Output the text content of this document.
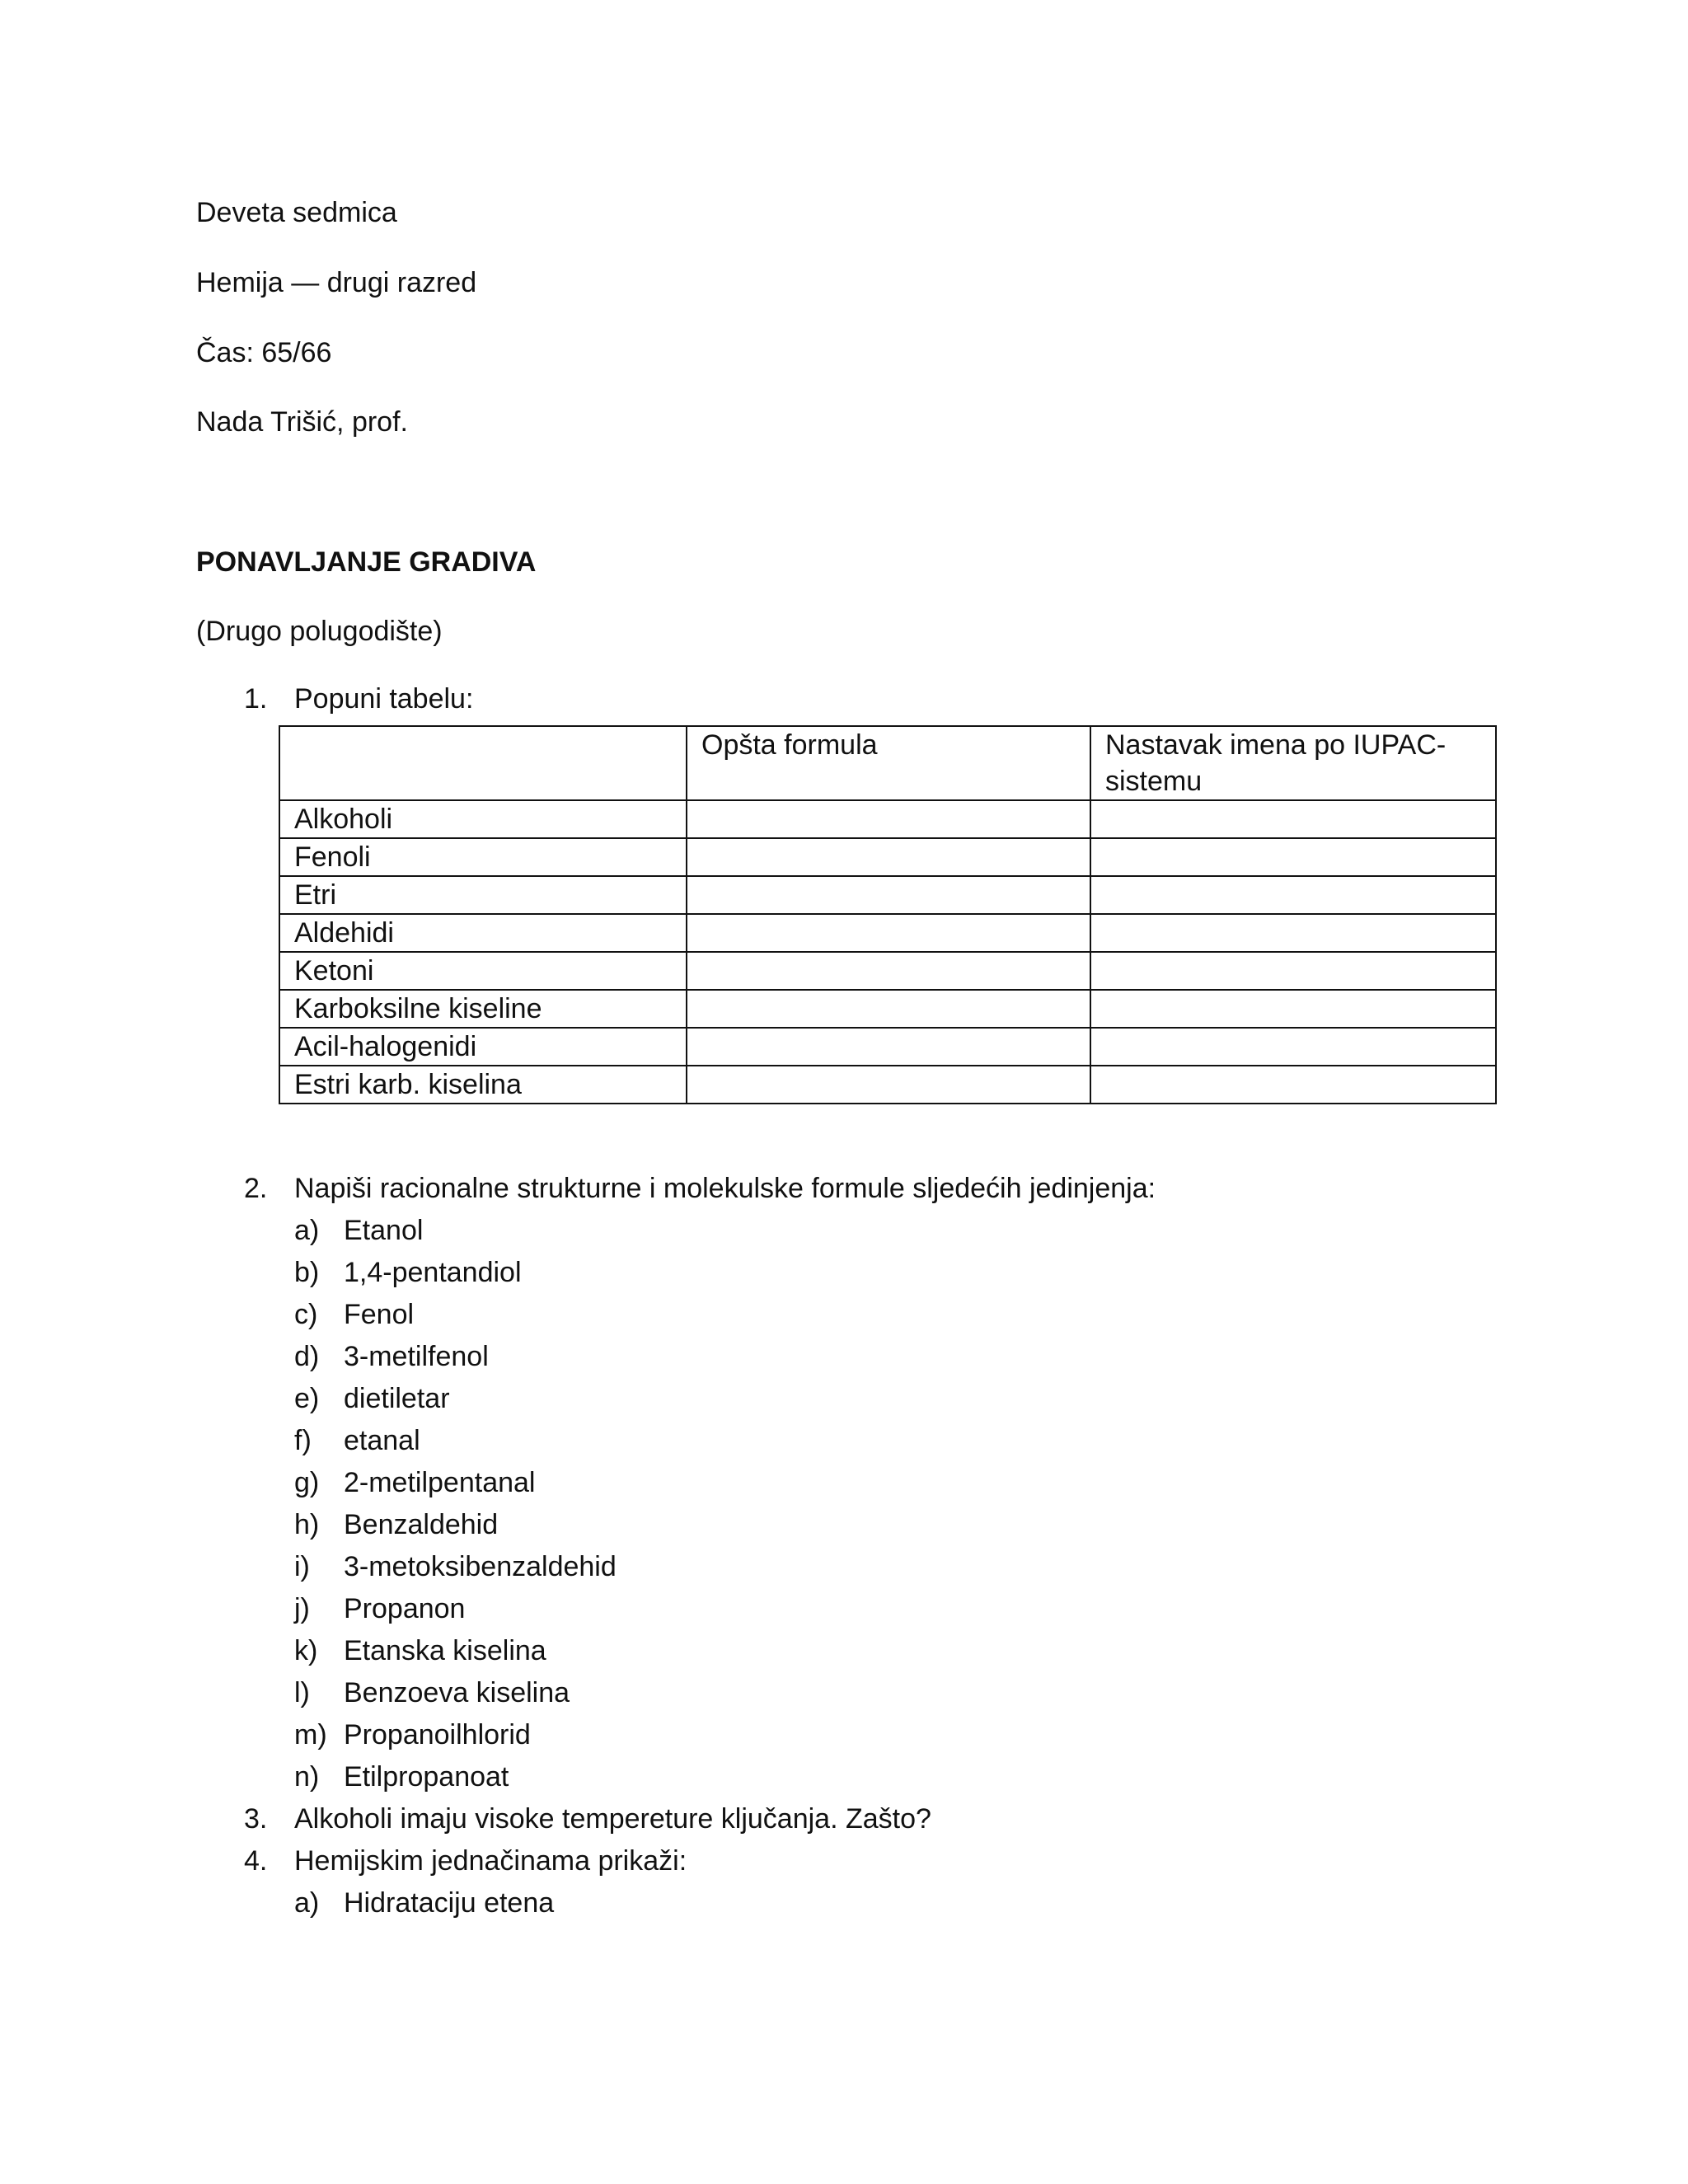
Deveta sedmica

Hemija — drugi razred

Čas: 65/66

Nada Trišić, prof.

PONAVLJANJE GRADIVA

(Drugo polugodište)

1. Popuni tabelu:
	Opšta formula	Nastavak imena po IUPAC-sistemu
Alkoholi		
Fenoli		
Etri		
Aldehidi		
Ketoni		
Karboksilne kiseline		
Acil-halogenidi		
Estri karb. kiselina		
2. Napiši racionalne strukturne i molekulske formule sljedećih jedinjenja:
a) Etanol
b) 1,4-pentandiol
c) Fenol
d) 3-metilfenol
e) dietiletar
f) etanal
g) 2-metilpentanal
h) Benzaldehid
i) 3-metoksibenzaldehid
j) Propanon
k) Etanska kiselina
l) Benzoeva kiselina
m) Propanoilhlorid
n) Etilpropanoat
3. Alkoholi imaju visoke tempereture ključanja. Zašto?
4. Hemijskim jednačinama prikaži:
a) Hidrataciju etena
